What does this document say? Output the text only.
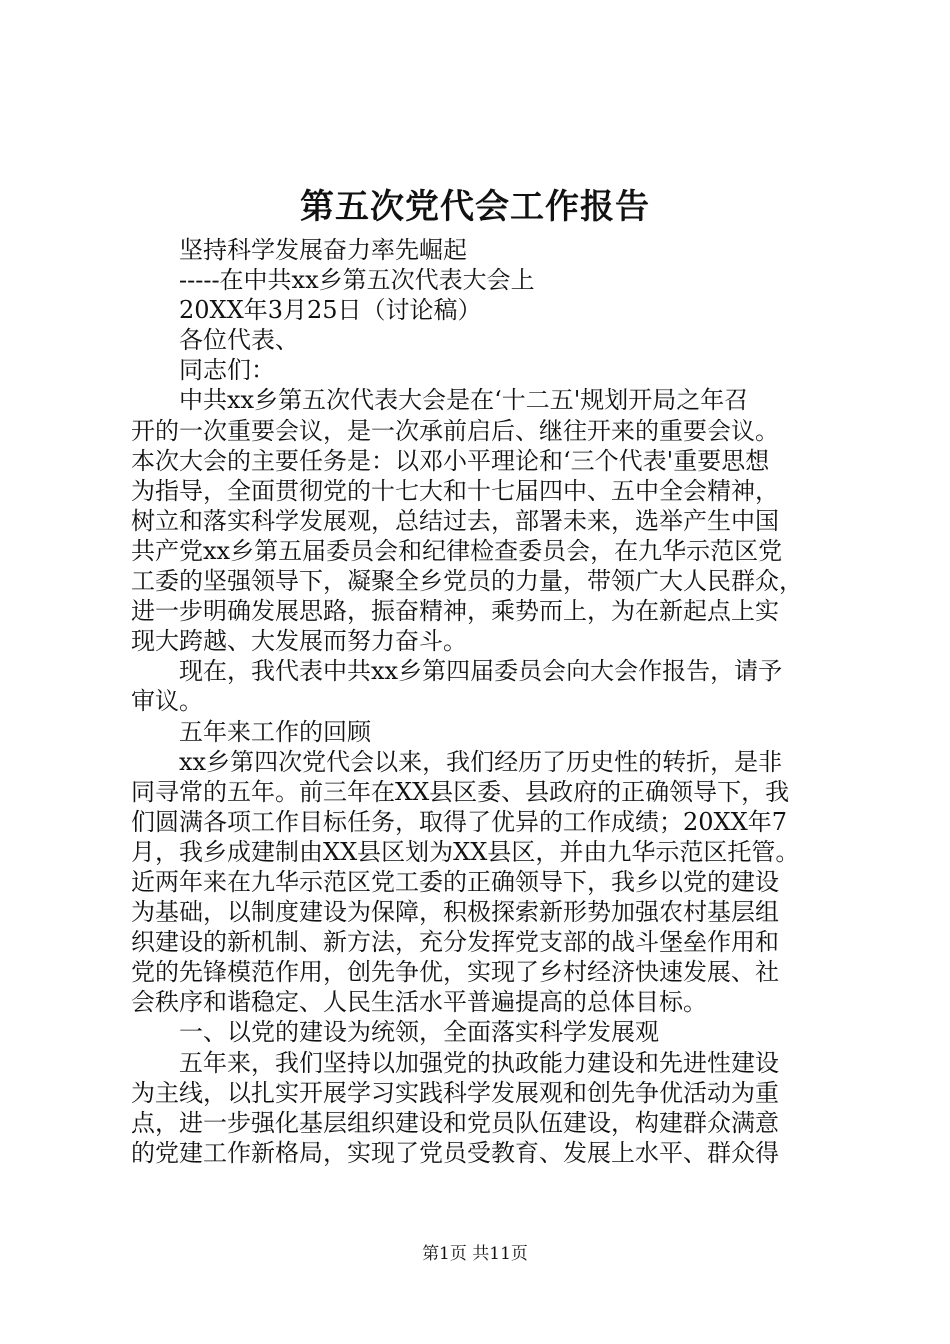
第五次党代会工作报告
坚持科学发展奋力率先崛起
-----在中共xx乡第五次代表大会上
20XX年3月25日（讨论稿）
各位代表、
同志们：
中共xx乡第五次代表大会是在‘十二五'规划开局之年召
开的一次重要会议，是一次承前启后、继往开来的重要会议。
本次大会的主要任务是：以邓小平理论和‘三个代表'重要思想
为指导，全面贯彻党的十七大和十七届四中、五中全会精神，
树立和落实科学发展观，总结过去，部署未来，选举产生中国
共产党xx乡第五届委员会和纪律检查委员会，在九华示范区党
工委的坚强领导下，凝聚全乡党员的力量，带领广大人民群众，
进一步明确发展思路，振奋精神，乘势而上，为在新起点上实
现大跨越、大发展而努力奋斗。
现在，我代表中共xx乡第四届委员会向大会作报告，请予
审议。
五年来工作的回顾
xx乡第四次党代会以来，我们经历了历史性的转折，是非
同寻常的五年。前三年在XX县区委、县政府的正确领导下，我
们圆满各项工作目标任务，取得了优异的工作成绩；20XX年7
月，我乡成建制由XX县区划为XX县区，并由九华示范区托管。
近两年来在九华示范区党工委的正确领导下，我乡以党的建设
为基础，以制度建设为保障，积极探索新形势加强农村基层组
织建设的新机制、新方法，充分发挥党支部的战斗堡垒作用和
党的先锋模范作用，创先争优，实现了乡村经济快速发展、社
会秩序和谐稳定、人民生活水平普遍提高的总体目标。
一、以党的建设为统领，全面落实科学发展观
五年来，我们坚持以加强党的执政能力建设和先进性建设
为主线，以扎实开展学习实践科学发展观和创先争优活动为重
点，进一步强化基层组织建设和党员队伍建设，构建群众满意
的党建工作新格局，实现了党员受教育、发展上水平、群众得
第1页 共11页
